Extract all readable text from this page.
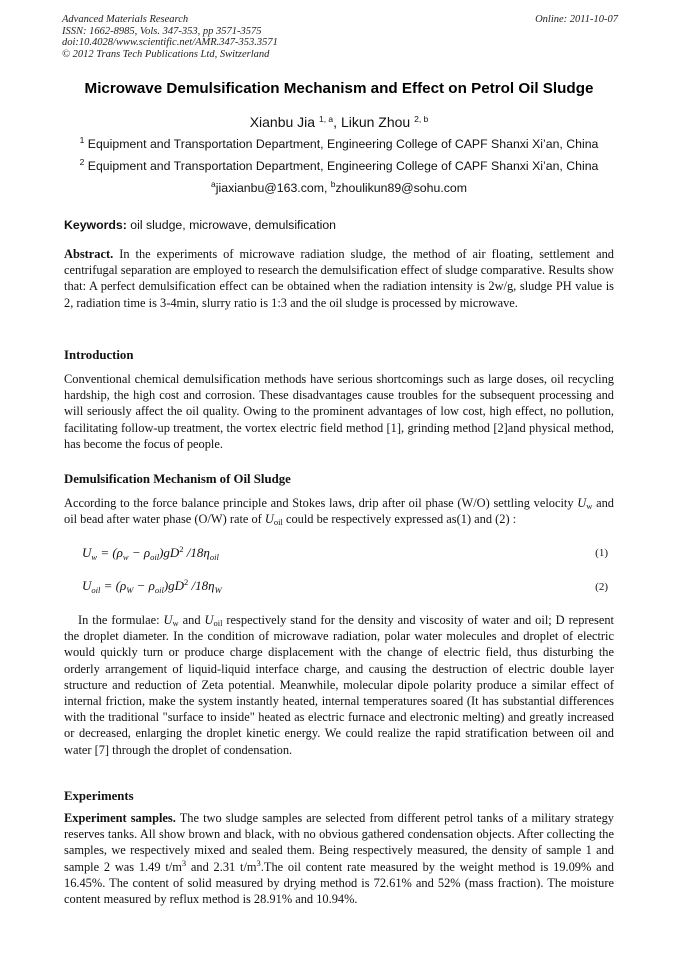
Advanced Materials Research
ISSN: 1662-8985, Vols. 347-353, pp 3571-3575
doi:10.4028/www.scientific.net/AMR.347-353.3571
© 2012 Trans Tech Publications Ltd, Switzerland
Online: 2011-10-07
Microwave Demulsification Mechanism and Effect on Petrol Oil Sludge
Xianbu Jia $^{1, a}$, Likun Zhou $^{2, b}$
$^1$ Equipment and Transportation Department, Engineering College of CAPF Shanxi Xi’an, China
$^2$ Equipment and Transportation Department, Engineering College of CAPF Shanxi Xi’an, China
$^a$jiaxianbu@163.com, $^b$zhoulikun89@sohu.com
Keywords: oil sludge, microwave, demulsification
Abstract. In the experiments of microwave radiation sludge, the method of air floating, settlement and centrifugal separation are employed to research the demulsification effect of sludge comparative. Results show that: A perfect demulsification effect can be obtained when the radiation intensity is 2w/g, sludge PH value is 2, radiation time is 3-4min, slurry ratio is 1:3 and the oil sludge is processed by microwave.
Introduction
Conventional chemical demulsification methods have serious shortcomings such as large doses, oil recycling hardship, the high cost and corrosion. These disadvantages cause troubles for the subsequent processing and will seriously affect the oil quality. Owing to the prominent advantages of low cost, high effect, no pollution, facilitating follow-up treatment, the vortex electric field method [1], grinding method [2]and physical method, has become the focus of people.
Demulsification Mechanism of Oil Sludge
According to the force balance principle and Stokes laws, drip after oil phase (W/O) settling velocity $U_w$ and oil bead after water phase (O/W) rate of $U_{oil}$ could be respectively expressed as(1) and (2) :
$U_w = (\rho_w - \rho_{oil})gD^2$ $/18\eta_{oil}$	(1)
$U_{oil} = (\rho_W - \rho_{oil})gD^2$ $/18\eta_W$	(2)
In the formulae: $U_w$ and $U_{oil}$ respectively stand for the density and viscosity of water and oil; D represent the droplet diameter. In the condition of microwave radiation, polar water molecules and droplet of electric would quickly turn or produce charge displacement with the change of electric field, thus disturbing the orderly arrangement of liquid-liquid interface charge, and causing the destruction of electric double layer structure and reduction of Zeta potential. Meanwhile, molecular dipole polarity produce a similar effect of internal friction, make the system instantly heated, internal temperatures soared (It has substantial differences with the traditional "surface to inside" heated as electric furnace and electronic melting) and greatly increased or decreased, enlarging the droplet kinetic energy. We could realize the rapid stratification between oil and water [7] through the droplet of condensation.
Experiments
Experiment samples. The two sludge samples are selected from different petrol tanks of a military strategy reserves tanks. All show brown and black, with no obvious gathered condensation objects. After collecting the samples, we respectively mixed and sealed them. Being respectively measured, the density of sample 1 and sample 2 was 1.49 $t/m^3$ and 2.31 $t/m^3.The$ oil content rate measured by the weight method is 19.09% and 16.45%. The content of solid measured by drying method is 72.61% and 52% (mass fraction). The moisture content measured by reflux method is 28.91% and 10.94%.
